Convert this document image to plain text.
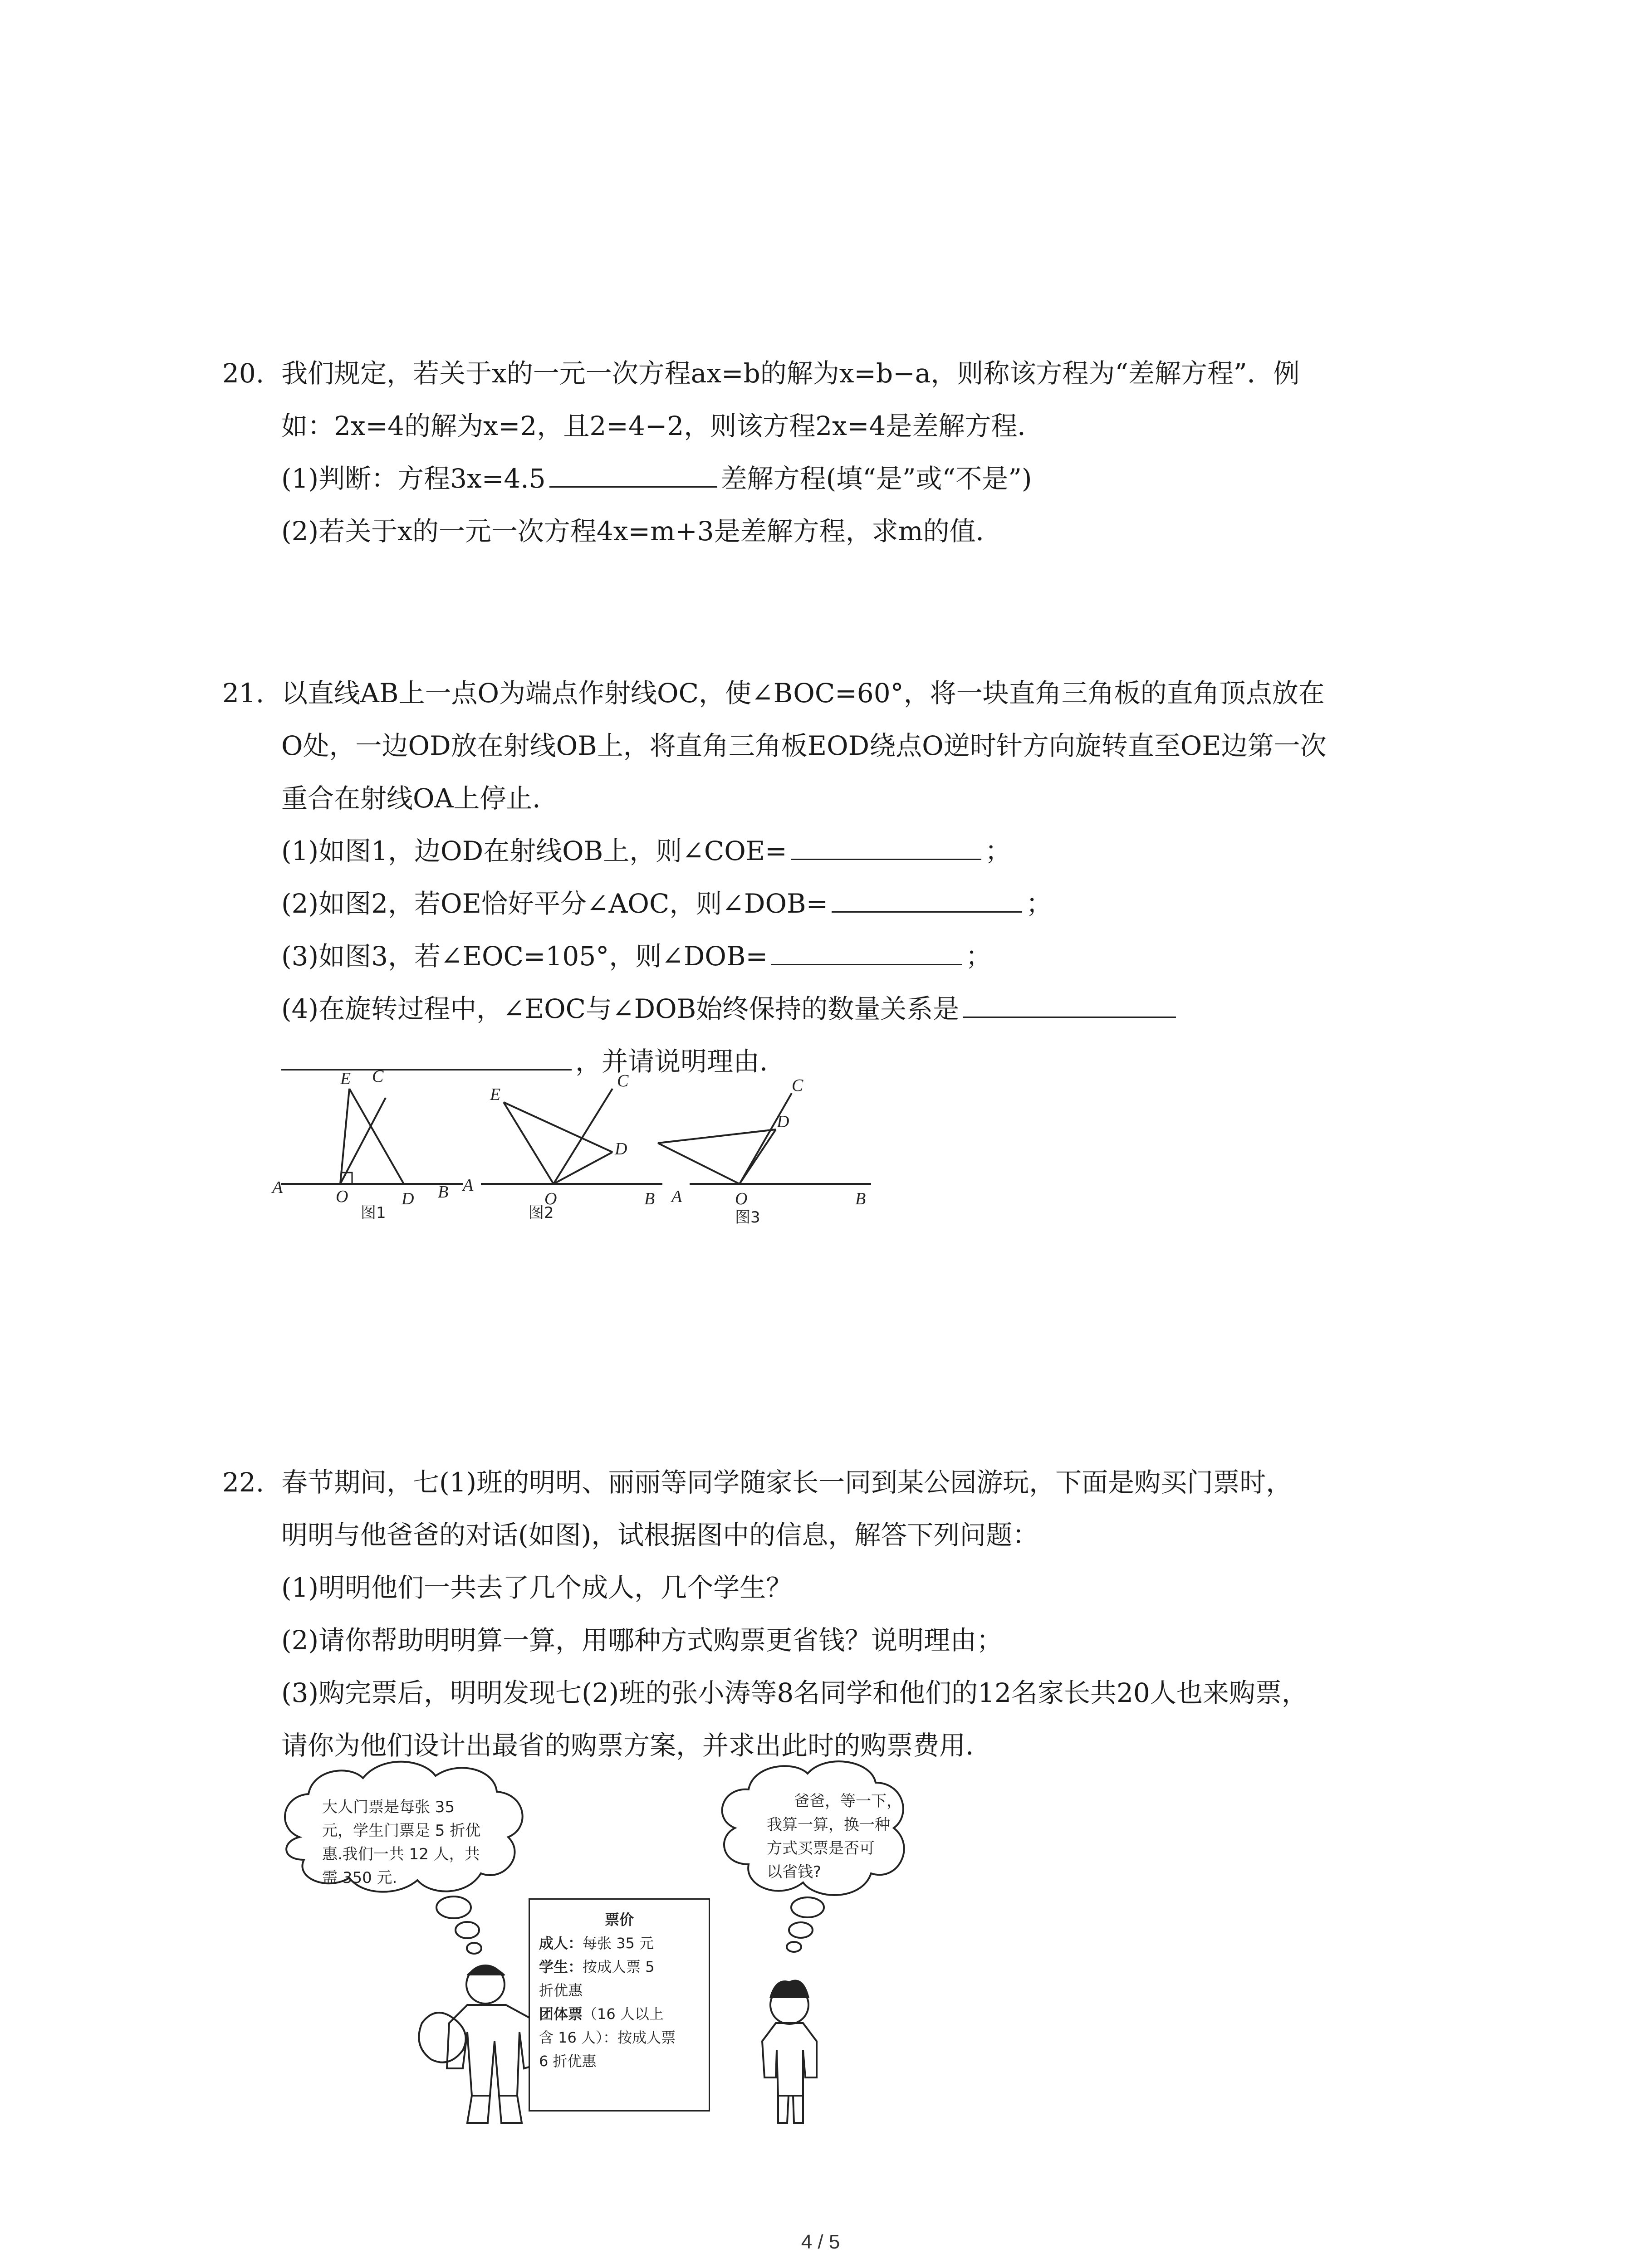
20. 我们规定，若关于x的一元一次方程ax=b的解为x=b−a，则称该方程为“差解方程”．例
如：2x=4的解为x=2，且2=4−2，则该方程2x=4是差解方程．
(1)判断：方程3x=4.5	差解方程(填“是”或“不是”)
(2)若关于x的一元一次方程4x=m+3是差解方程，求m的值．
21. 以直线AB上一点O为端点作射线OC，使∠BOC=60°，将一块直角三角板的直角顶点放在
O处，一边OD放在射线OB上，将直角三角板EOD绕点O逆时针方向旋转直至OE边第一次
重合在射线OA上停止．
(1)如图1，边OD在射线OB上，则∠COE=	；
(2)如图2，若OE恰好平分∠AOC，则∠DOB=	；
(3)如图3，若∠EOC=105°，则∠DOB=	；
(4)在旋转过程中，∠EOC与∠DOB始终保持的数量关系是
，并请说明理由．
A	O	D B
E C
图1
A
O	B
E
C
D
图2
A	O	B
C
D
图3
22. 春节期间，七(1)班的明明、丽丽等同学随家长一同到某公园游玩，下面是购买门票时，
明明与他爸爸的对话(如图)，试根据图中的信息，解答下列问题：
(1)明明他们一共去了几个成人，几个学生？
(2)请你帮助明明算一算，用哪种方式购票更省钱？说明理由；
(3)购完票后，明明发现七(2)班的张小涛等8名同学和他们的12名家长共20人也来购票，
请你为他们设计出最省的购票方案，并求出此时的购票费用．
大人门票是每张 35
元，学生门票是 5 折优
惠.我们一共 12 人，共
需 350 元.
爸爸，等一下，
我算一算，换一种
方式买票是否可
以省钱?
票价
成人：每张 35 元
学生：按成人票 5
折优惠
团体票（16 人以上
含 16 人）：按成人票
6 折优惠
4 / 5
